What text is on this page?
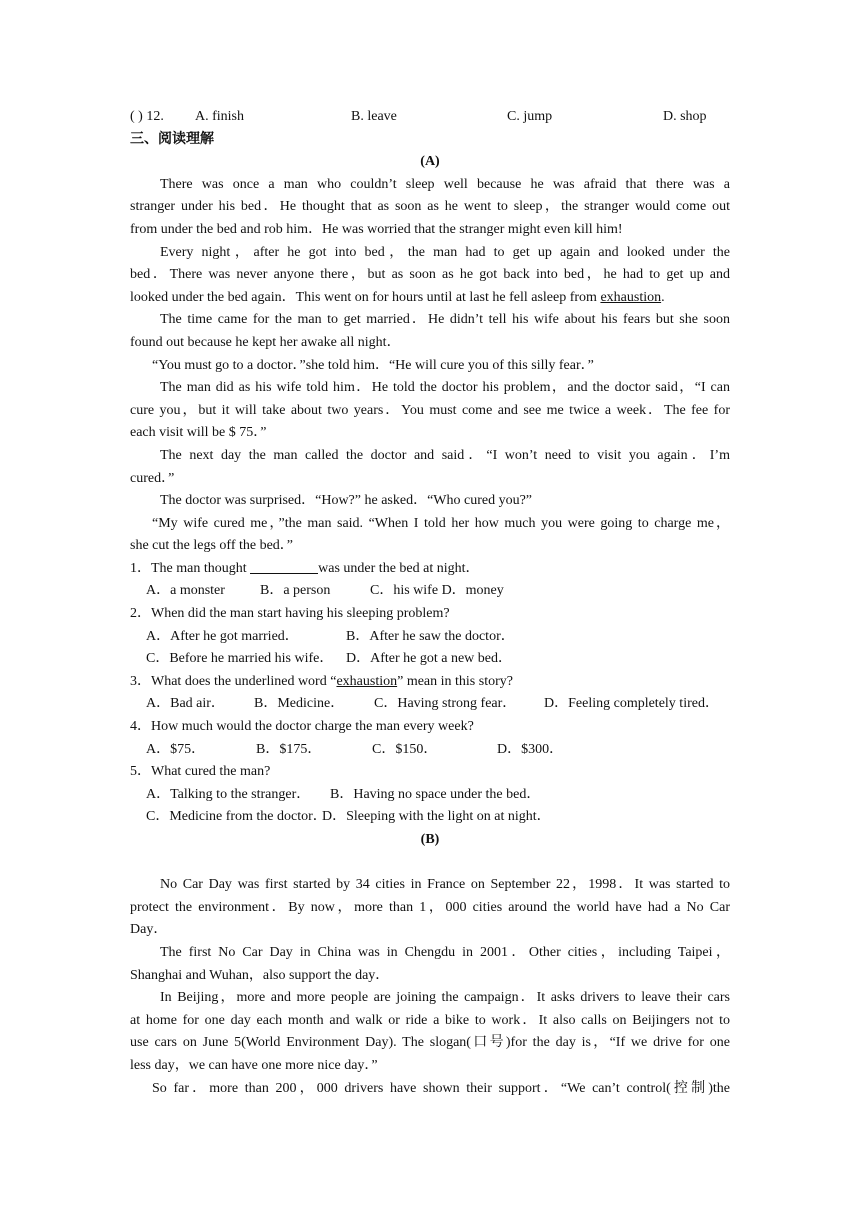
( ) 12. A. finish	B. leave	C. jump	D. shop
三、阅读理解
(A)
There was once a man who couldn’t sleep well because he was afraid that there was a
stranger under his bed．He thought that as soon as he went to sleep，the stranger would come out
from under the bed and rob him．He was worried that the stranger might even kill him!
Every night，after he got into bed，the man had to get up again and looked under the
bed．There was never anyone there，but as soon as he got back into bed，he had to get up and
looked under the bed again．This went on for hours until at last he fell asleep from exhaustion.
The time came for the man to get married．He didn’t tell his wife about his fears but she soon
found out because he kept her awake all night．
“You must go to a doctor．”she told him．“He will cure you of this silly fear．”
The man did as his wife told him．He told the doctor his problem，and the doctor said，“I can
cure you，but it will take about two years．You must come and see me twice a week．The fee for
each visit will be $ 75．”
The next day the man called the doctor and said．“I won’t need to visit you again．I’m
cured．”
The doctor was surprised．“How?” he asked．“Who cured you?”
“My wife cured me，”the man said. “When I told her how much you were going to charge me，
she cut the legs off the bed．”
1．The man thought	was under the bed at night．
A．a monster	B．a person	C．his wife D．money
2．When did the man start having his sleeping problem?
A．After he got married．	B．After he saw the doctor．
C．Before he married his wife． D．After he got a new bed．
3．What does the underlined word “exhaustion” mean in this story?
A．Bad air． B．Medicine． C．Having strong fear． D．Feeling completely tired．
4．How much would the doctor charge the man every week?
A．$75．	B．$175．	C．$150．	D．$300．
5．What cured the man?
A．Talking to the stranger． B．Having no space under the bed．
C．Medicine from the doctor．D．Sleeping with the light on at night．
(B)
No Car Day was first started by 34 cities in France on September 22，1998．It was started to
protect the environment．By now，more than 1，000 cities around the world have had a No Car
Day．
The first No Car Day in China was in Chengdu in 2001．Other cities，including Taipei，
Shanghai and Wuhan，also support the day．
In Beijing，more and more people are joining the campaign．It asks drivers to leave their cars
at home for one day each month and walk or ride a bike to work．It also calls on Beijingers not to
use cars on June 5(World Environment Day). The slogan(口号)for the day is，“If we drive for one
less day，we can have one more nice day．”
So far．more than 200，000 drivers have shown their support．“We can’t control(控制)the
